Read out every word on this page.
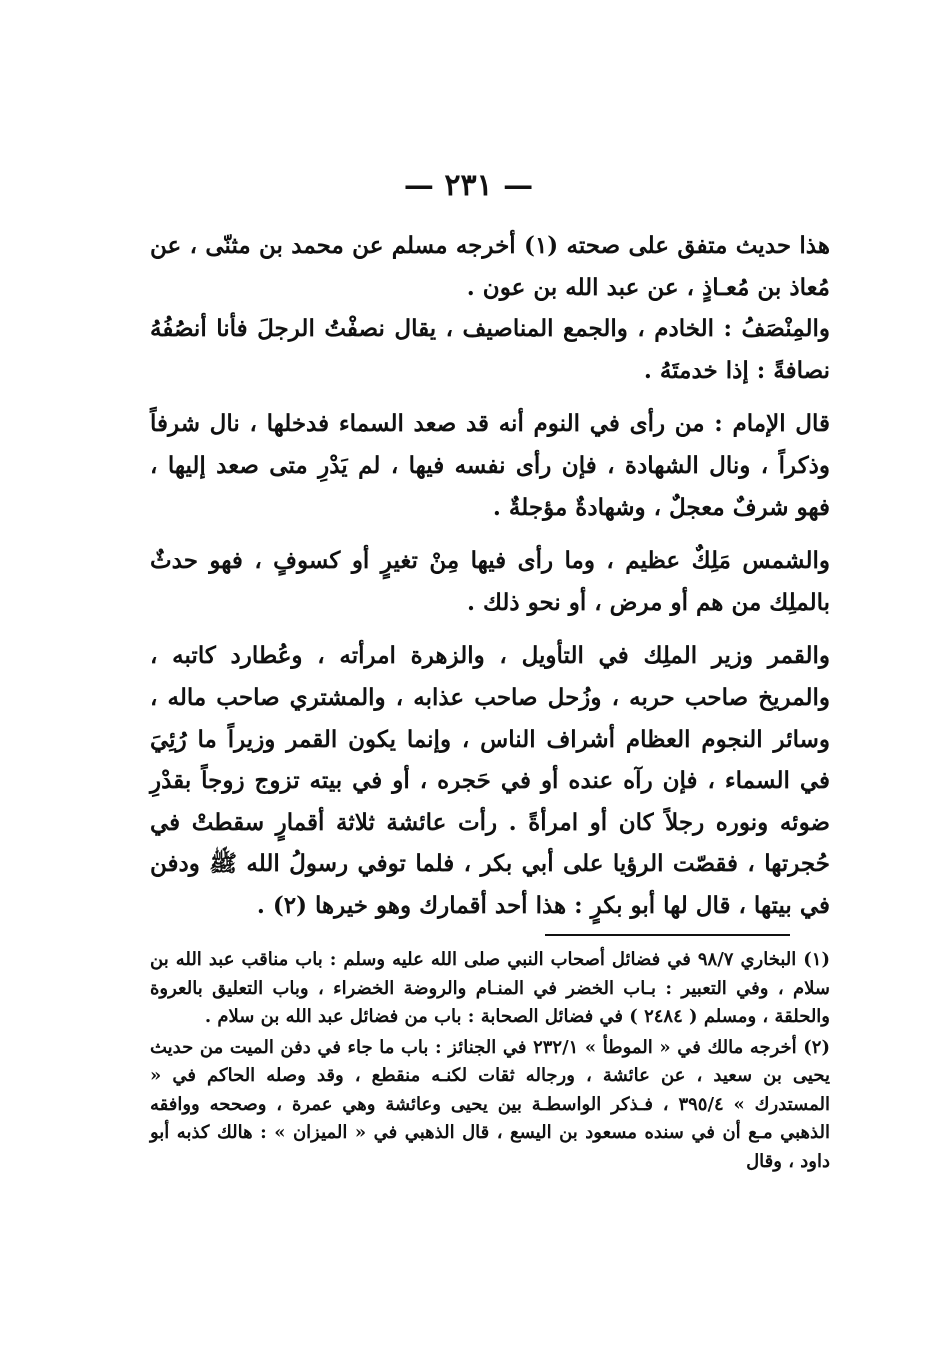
— ٢٣١ —

هذا حديث متفق على صحته (١) أخرجه مسلم عن محمد بن مثنّى ، عن مُعاذ بن مُعـاذٍ ، عن عبد الله بن عون .

والمِنْصَفُ : الخادم ، والجمع المناصيف ، يقال نصفْتُ الرجلَ فأنا أنصُفُهُ نصافةً : إذا خدمتَهُ .

قال الإمام : من رأى في النوم أنه قد صعد السماء فدخلها ، نال شرفاً وذكراً ، ونال الشهادة ، فإن رأى نفسه فيها ، لم يَدْرِ متى صعد إليها ، فهو شرفٌ معجلٌ ، وشهادةٌ مؤجلةٌ .

والشمس مَلِكٌ عظيم ، وما رأى فيها مِنْ تغيرٍ أو كسوفٍ ، فهو حدثٌ بالملِك من هم أو مرض ، أو نحو ذلك .

والقمر وزير الملِك في التأويل ، والزهرة امرأته ، وعُطارد كاتبه ، والمريخ صاحب حربه ، وزُحل صاحب عذابه ، والمشتري صاحب ماله ، وسائر النجوم العظام أشراف الناس ، وإنما يكون القمر وزيراً ما رُئِيَ في السماء ، فإن رآه عنده أو في حَجره ، أو في بيته تزوج زوجاً بقدْرِ ضوئه ونوره رجلاً كان أو امرأةً . رأت عائشة ثلاثة أقمارٍ سقطتْ في حُجرتها ، فقصّت الرؤيا على أبي بكر ، فلما توفي رسولُ الله ﷺ ودفن في بيتها ، قال لها أبو بكرٍ : هذا أحد أقمارك وهو خيرها (٢) .

(١) البخاري ٩٨/٧ في فضائل أصحاب النبي صلى الله عليه وسلم : باب مناقب عبد الله بن سلام ، وفي التعبير : بـاب الخضر في المنـام والروضة الخضراء ، وباب التعليق بالعروة والحلقة ، ومسلم ( ٢٤٨٤ ) في فضائل الصحابة : باب من فضائل عبد الله بن سلام .

(٢) أخرجه مالك في « الموطأ » ٢٣٢/١ في الجنائز : باب ما جاء في دفن الميت من حديث يحيى بن سعيد ، عن عائشة ، ورجاله ثقات لكنـه منقطع ، وقد وصله الحاكم في « المستدرك » ٣٩٥/٤ ، فـذكر الواسطـة بين يحيى وعائشة وهي عمرة ، وصححه ووافقه الذهبي مـع أن في سنده مسعود بن اليسع ، قال الذهبي في « الميزان » : هالك كذبه أبو داود ، وقال
